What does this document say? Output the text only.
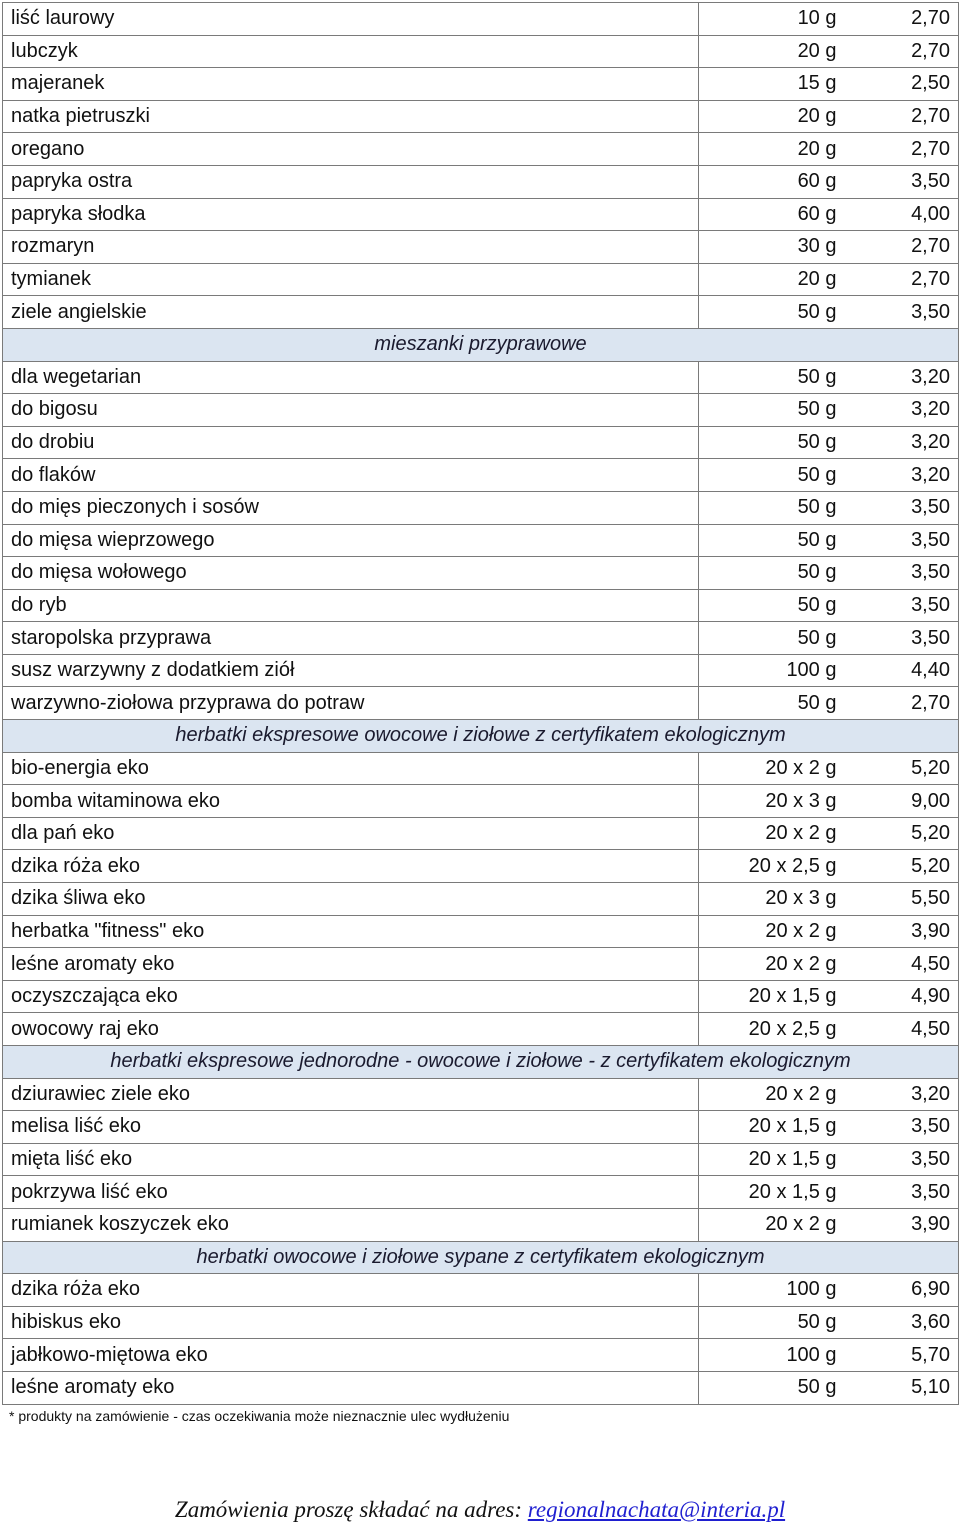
liść laurowy	10 g	2,70
lubczyk	20 g	2,70
majeranek	15 g	2,50
natka pietruszki	20 g	2,70
oregano	20 g	2,70
papryka ostra	60 g	3,50
papryka słodka	60 g	4,00
rozmaryn	30 g	2,70
tymianek	20 g	2,70
ziele angielskie	50 g	3,50
mieszanki przyprawowe		
dla wegetarian	50 g	3,20
do bigosu	50 g	3,20
do drobiu	50 g	3,20
do flaków	50 g	3,20
do mięs pieczonych i sosów	50 g	3,50
do mięsa wieprzowego	50 g	3,50
do mięsa wołowego	50 g	3,50
do ryb	50 g	3,50
staropolska przyprawa	50 g	3,50
susz warzywny z dodatkiem ziół	100 g	4,40
warzywno-ziołowa przyprawa do potraw	50 g	2,70
herbatki ekspresowe owocowe i ziołowe z certyfikatem ekologicznym		
bio-energia eko	20 x 2 g	5,20
bomba witaminowa eko	20 x 3 g	9,00
dla pań eko	20 x 2 g	5,20
dzika róża eko	20 x 2,5 g	5,20
dzika śliwa eko	20 x 3 g	5,50
herbatka "fitness" eko	20 x 2 g	3,90
leśne aromaty eko	20 x 2 g	4,50
oczyszczająca eko	20 x 1,5 g	4,90
owocowy raj eko	20 x 2,5 g	4,50
herbatki ekspresowe jednorodne - owocowe i ziołowe - z certyfikatem ekologicznym		
dziurawiec ziele eko	20 x 2 g	3,20
melisa liść eko	20 x 1,5 g	3,50
mięta liść eko	20 x 1,5 g	3,50
pokrzywa liść eko	20 x 1,5 g	3,50
rumianek koszyczek eko	20 x 2 g	3,90
herbatki owocowe i ziołowe sypane z certyfikatem ekologicznym		
dzika róża eko	100 g	6,90
hibiskus eko	50 g	3,60
jabłkowo-miętowa eko	100 g	5,70
leśne aromaty eko	50 g	5,10
* produkty na zamówienie - czas oczekiwania może nieznacznie ulec wydłużeniu
Zamówienia proszę składać na adres: regionalnachata@interia.pl
